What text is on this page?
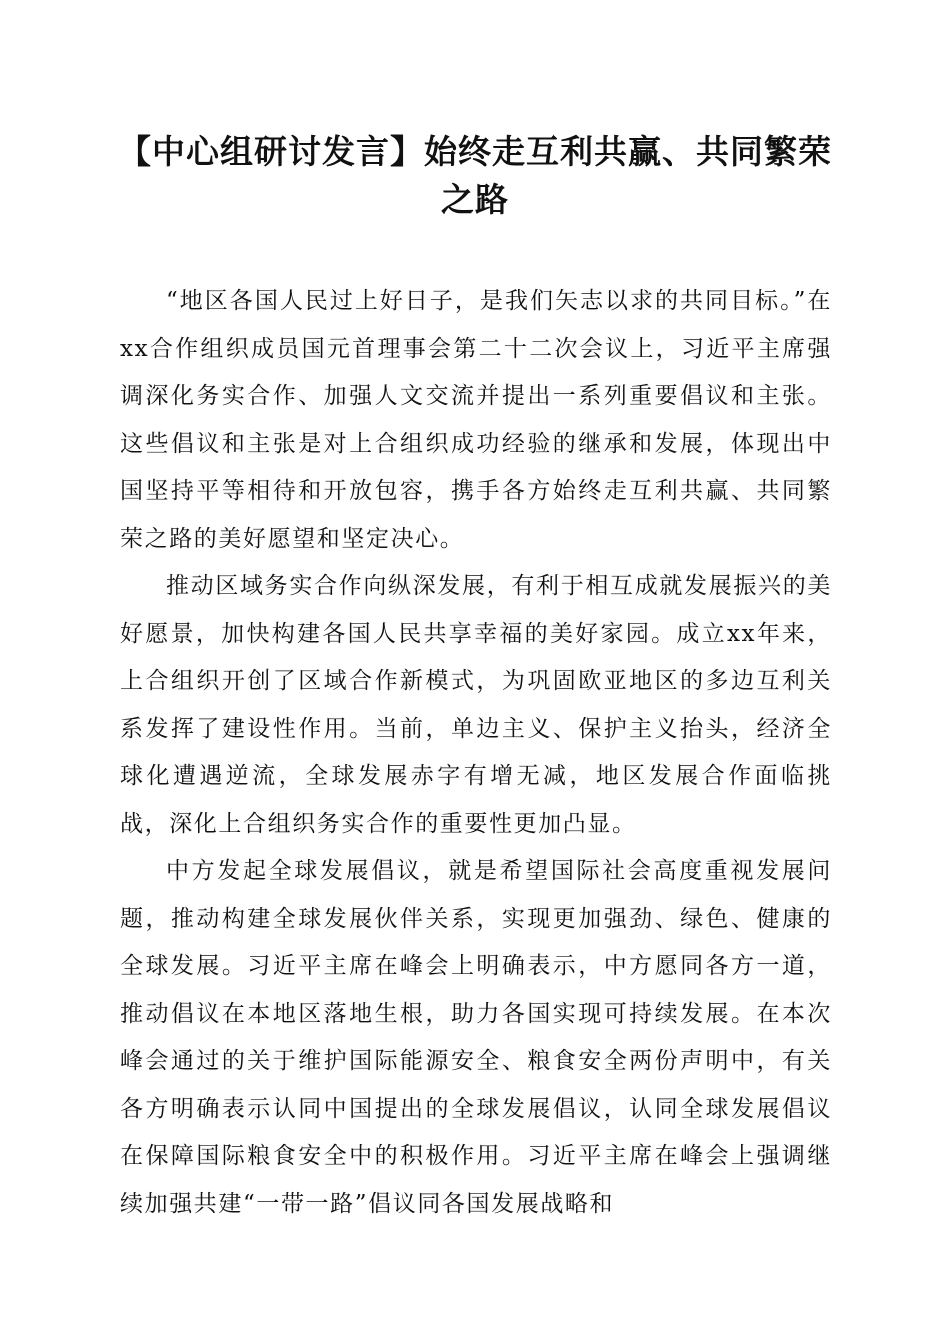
【中心组研讨发言】始终走互利共赢、共同繁荣之路

“地区各国人民过上好日子，是我们矢志以求的共同目标。”在xx合作组织成员国元首理事会第二十二次会议上，习近平主席强调深化务实合作、加强人文交流并提出一系列重要倡议和主张。这些倡议和主张是对上合组织成功经验的继承和发展，体现出中国坚持平等相待和开放包容，携手各方始终走互利共赢、共同繁荣之路的美好愿望和坚定决心。

推动区域务实合作向纵深发展，有利于相互成就发展振兴的美好愿景，加快构建各国人民共享幸福的美好家园。成立xx年来，上合组织开创了区域合作新模式，为巩固欧亚地区的多边互利关系发挥了建设性作用。当前，单边主义、保护主义抬头，经济全球化遭遇逆流，全球发展赤字有增无减，地区发展合作面临挑战，深化上合组织务实合作的重要性更加凸显。

中方发起全球发展倡议，就是希望国际社会高度重视发展问题，推动构建全球发展伙伴关系，实现更加强劲、绿色、健康的全球发展。习近平主席在峰会上明确表示，中方愿同各方一道，推动倡议在本地区落地生根，助力各国实现可持续发展。在本次峰会通过的关于维护国际能源安全、粮食安全两份声明中，有关各方明确表示认同中国提出的全球发展倡议，认同全球发展倡议在保障国际粮食安全中的积极作用。习近平主席在峰会上强调继续加强共建“一带一路”倡议同各国发展战略和
